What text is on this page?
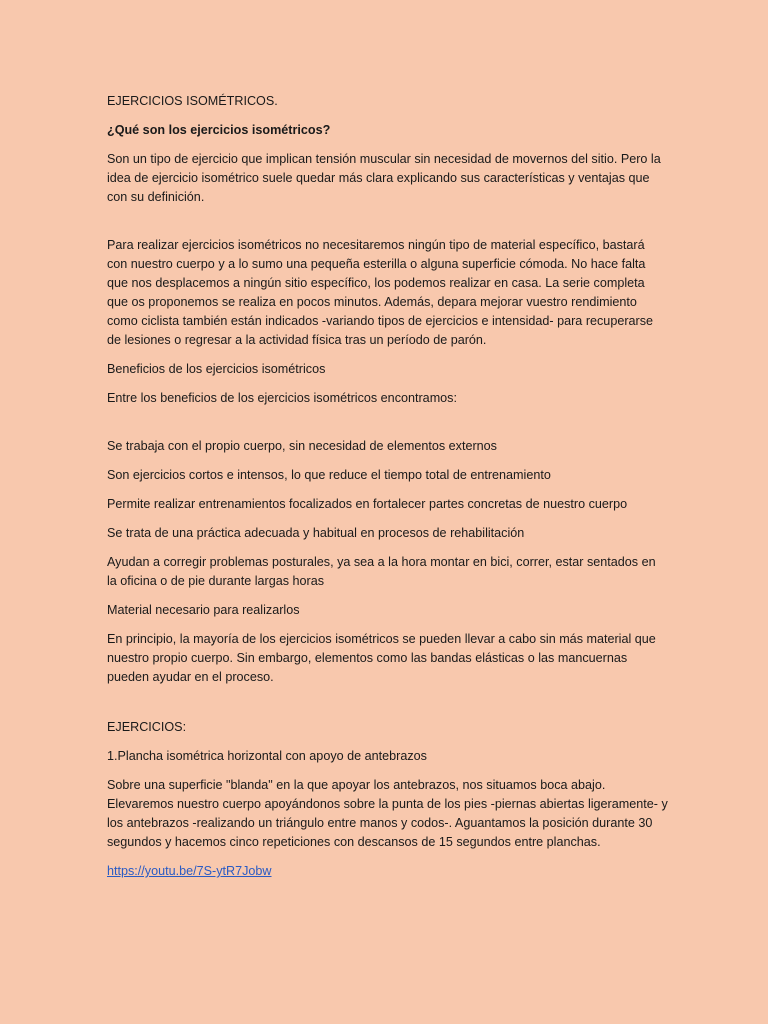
EJERCICIOS ISOMÉTRICOS.

¿Qué son los ejercicios isométricos?

Son un tipo de ejercicio que implican tensión muscular sin necesidad de movernos del sitio. Pero la idea de ejercicio isométrico suele quedar más clara explicando sus características y ventajas que con su definición.

Para realizar ejercicios isométricos no necesitaremos ningún tipo de material específico, bastará con nuestro cuerpo y a lo sumo una pequeña esterilla o alguna superficie cómoda. No hace falta que nos desplacemos a ningún sitio específico, los podemos realizar en casa. La serie completa que os proponemos se realiza en pocos minutos. Además, depara mejorar vuestro rendimiento como ciclista también están indicados -variando tipos de ejercicios e intensidad- para recuperarse de lesiones o regresar a la actividad física tras un período de parón.

Beneficios de los ejercicios isométricos

Entre los beneficios de los ejercicios isométricos encontramos:

Se trabaja con el propio cuerpo, sin necesidad de elementos externos

Son ejercicios cortos e intensos, lo que reduce el tiempo total de entrenamiento

Permite realizar entrenamientos focalizados en fortalecer partes concretas de nuestro cuerpo

Se trata de una práctica adecuada y habitual en procesos de rehabilitación

Ayudan a corregir problemas posturales, ya sea a la hora montar en bici, correr, estar sentados en la oficina o de pie durante largas horas

Material necesario para realizarlos

En principio, la mayoría de los ejercicios isométricos se pueden llevar a cabo sin más material que nuestro propio cuerpo. Sin embargo, elementos como las bandas elásticas o las mancuernas pueden ayudar en el proceso.

EJERCICIOS:

1.Plancha isométrica horizontal con apoyo de antebrazos

Sobre una superficie "blanda" en la que apoyar los antebrazos, nos situamos boca abajo. Elevaremos nuestro cuerpo apoyándonos sobre la punta de los pies -piernas abiertas ligeramente- y los antebrazos -realizando un triángulo entre manos y codos-. Aguantamos la posición durante 30 segundos y hacemos cinco repeticiones con descansos de 15 segundos entre planchas.

https://youtu.be/7S-ytR7Jobw
